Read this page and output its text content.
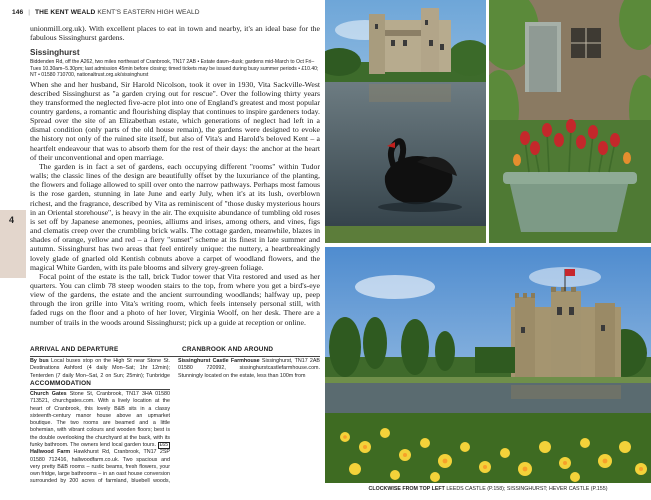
146 | THE KENT WEALD KENT'S EASTERN HIGH WEALD
4

unionmill.org.uk). With excellent places to eat in town and nearby, it's an ideal base for the fabulous Sissinghurst gardens.

Sissinghurst
Biddenden Rd, off the A262, two miles northeast of Cranbrook, TN17 2AB • Estate dawn–dusk; gardens mid-March to Oct Fri–Tues 10.30am–5.30pm; last admission 45min before closing; timed tickets may be issued during busy summer periods • £10.40; NT • 01580 710700, nationaltrust.org.uk/sissinghurst

When she and her husband, Sir Harold Nicolson, took it over in 1930, Vita Sackville-West described Sissinghurst as "a garden crying out for rescue". Over the following thirty years they transformed the neglected five-acre plot into one of England's greatest and most popular country gardens, a romantic and flourishing display that continues to inspire gardeners today. Spread over the site of an Elizabethan estate, which generations of neglect had left in a dismal condition (only parts of the old house remain), the gardens were designed to evoke the history not only of the ruined site itself, but also of Vita's and Harold's beloved Kent – a heartfelt endeavour that was to absorb them for the rest of their days: the anchor at the heart of their unconventional and open marriage.

The garden is in fact a set of gardens, each occupying different "rooms" within Tudor walls; the classic lines of the design are beautifully offset by the luxuriance of the planting, the flowers and foliage allowed to spill over onto the narrow pathways. Perhaps most famous is the rose garden, stunning in late June and early July, when it's at its lush, overblown richest, and the fragrance, described by Vita as reminiscent of "those dusky mysterious hours in an Oriental storehouse", is heavy in the air. The exquisite abundance of tumbling old roses is set off by Japanese anemones, peonies, alliums and irises, among others, and vines, figs and clematis creep over the crumbling brick walls. The cottage garden, meanwhile, blazes in shades of orange, yellow and red – a fiery "sunset" scheme at its finest in late summer and autumn. Sissinghurst has two areas that feel entirely unique: the nuttery, a heartbreakingly lovely glade of gnarled old Kentish cobnuts above a carpet of woodland flowers, and the magical White Garden, with its pale blooms and silvery grey-green foliage.

Focal point of the estate is the tall, brick Tudor tower that Vita restored and used as her quarters. You can climb 78 steep wooden stairs to the top, from where you get a bird's-eye view of the gardens, the estate and the ancient surrounding woodlands; halfway up, peep through the iron grille into Vita's writing room, which feels intensely personal still, with faded rugs on the floor and a photo of her lover, Virginia Woolf, on her desk. There are a number of trails in the woods around Sissinghurst; pick up a guide at reception or online.

ARRIVAL AND DEPARTURE	CRANBROOK AND AROUND
By bus Local buses stop on the High St near Stone St. Destinations Ashford (4 daily Mon–Sat; 1hr 12min); Tenterden (7 daily Mon–Sat, 2 on Sun; 25min); Tunbridge
ACCOMMODATION
Church Gates Stone St, Cranbrook, TN17 3HA 01580 713521, churchgates.com. With a lively location at the heart of Cranbrook, this lovely B&B sits in a classy sixteenth-century manor house above an upmarket boutique. The two rooms are beamed and a little bohemian, with vibrant colours and wooden floors; best is the double overlooking the churchyard at the back, with its funky bathroom. The owners lend local garden tours. £65 Hallwood Farm Hawkhurst Rd, Cranbrook, TN17 2SP 01580 712416, hallwoodfarm.co.uk. Two spacious and very pretty B&B rooms – rustic beams, fresh flowers, your own fridge, large bathrooms – in an oast house conversion surrounded by 200 acres of farmland, bluebell woods,
Sissinghurst Castle Farmhouse Sissinghurst, TN17 2AB 01580 720992, sissinghurstcastlefarmhouse.com. Stunningly located on the estate, less than 100m from
CLOCKWISE FROM TOP LEFT LEEDS CASTLE (P.158); SISSINGHURST; HEVER CASTLE (P.155)
